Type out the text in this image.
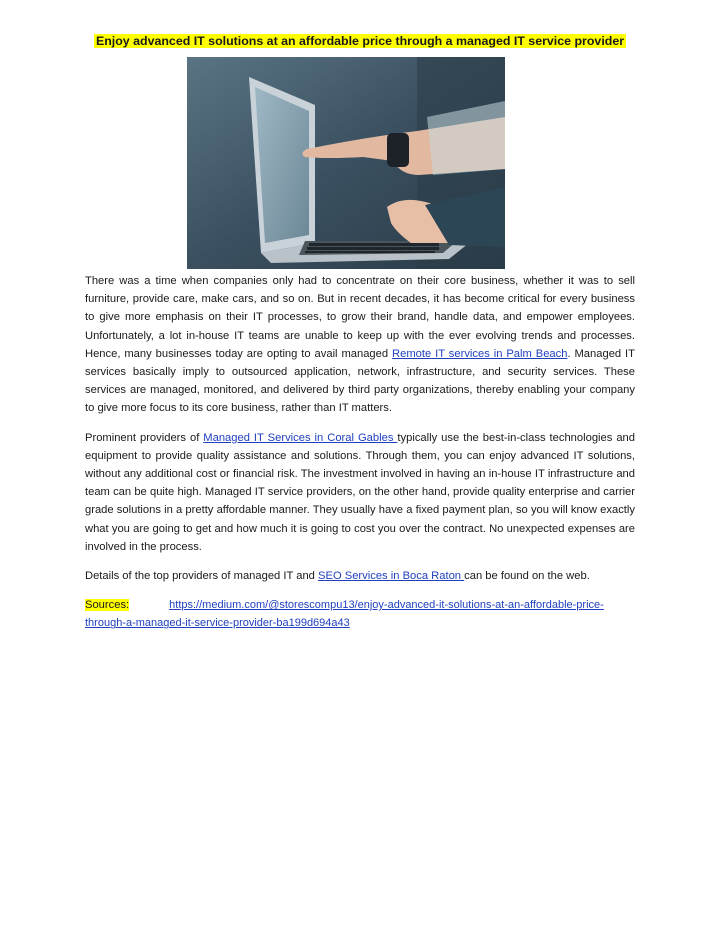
Enjoy advanced IT solutions at an affordable price through a managed IT service provider

There was a time when companies only had to concentrate on their core business, whether it was to sell furniture, provide care, make cars, and so on. But in recent decades, it has become critical for every business to give more emphasis on their IT processes, to grow their brand, handle data, and empower employees. Unfortunately, a lot in-house IT teams are unable to keep up with the ever evolving trends and processes. Hence, many businesses today are opting to avail managed Remote IT services in Palm Beach. Managed IT services basically imply to outsourced application, network, infrastructure, and security services. These services are managed, monitored, and delivered by third party organizations, thereby enabling your company to give more focus to its core business, rather than IT matters.

Prominent providers of Managed IT Services in Coral Gables typically use the best-in-class technologies and equipment to provide quality assistance and solutions. Through them, you can enjoy advanced IT solutions, without any additional cost or financial risk. The investment involved in having an in-house IT infrastructure and team can be quite high. Managed IT service providers, on the other hand, provide quality enterprise and carrier grade solutions in a pretty affordable manner. They usually have a fixed payment plan, so you will know exactly what you are going to get and how much it is going to cost you over the contract. No unexpected expenses are involved in the process.

Details of the top providers of managed IT and SEO Services in Boca Raton can be found on the web.

Sources:	https://medium.com/@storescompu13/enjoy-advanced-it-solutions-at-an-affordable-price-through-a-managed-it-service-provider-ba199d694a43
